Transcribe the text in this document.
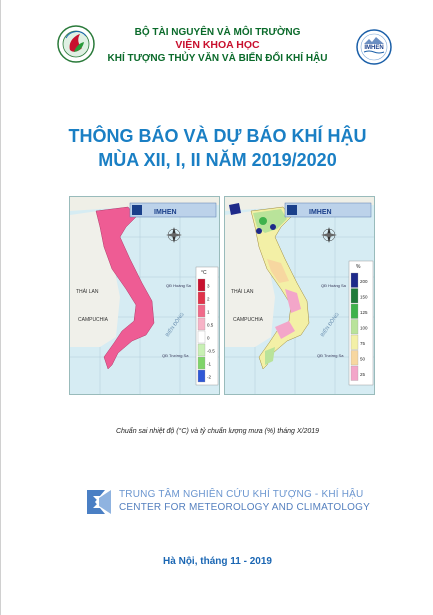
BỘ TÀI NGUYÊN VÀ MÔI TRƯỜNG
VIỆN KHOA HỌC
KHÍ TƯỢNG THỦY VĂN VÀ BIẾN ĐỔI KHÍ HẬU
IMHEN
THÔNG BÁO VÀ DỰ BÁO KHÍ HẬU
MÙA XII, I, II NĂM 2019/2020
IMHEN
THÁI LAN
CAMPUCHIA
QĐ Hoàng Sa
QĐ Trường Sa
BIỂN ĐÔNG
°C
3
2
1
0.5
0
-0.5
-1
-2
IMHEN
THÁI LAN
CAMPUCHIA
QĐ Hoàng Sa
QĐ Trường Sa
BIỂN ĐÔNG
%
200
150
125
100
75
50
25
Chuẩn sai nhiệt độ (°C) và tỷ chuẩn lượng mưa (%) tháng X/2019
TRUNG TÂM NGHIÊN CỨU KHÍ TƯỢNG - KHÍ HẬU
CENTER FOR METEOROLOGY AND CLIMATOLOGY
Hà Nội, tháng 11 - 2019
